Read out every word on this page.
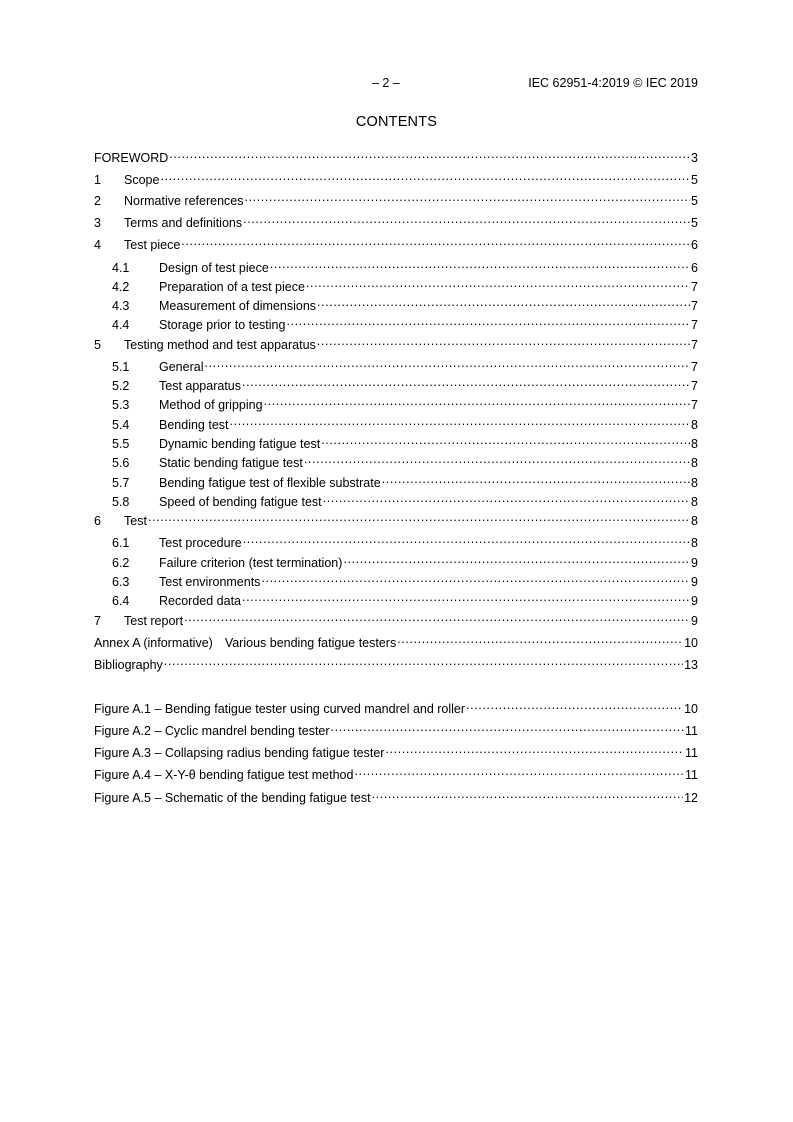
– 2 –	IEC 62951-4:2019 © IEC 2019
CONTENTS
FOREWORD .....	3
1	Scope .....	5
2	Normative references .....	5
3	Terms and definitions .....	5
4	Test piece .....	6
4.1	Design of test piece .....	6
4.2	Preparation of a test piece .....	7
4.3	Measurement of dimensions .....	7
4.4	Storage prior to testing .....	7
5	Testing method and test apparatus .....	7
5.1	General .....	7
5.2	Test apparatus .....	7
5.3	Method of gripping .....	7
5.4	Bending test .....	8
5.5	Dynamic bending fatigue test .....	8
5.6	Static bending fatigue test .....	8
5.7	Bending fatigue test of flexible substrate .....	8
5.8	Speed of bending fatigue test .....	8
6	Test .....	8
6.1	Test procedure .....	8
6.2	Failure criterion (test termination) .....	9
6.3	Test environments .....	9
6.4	Recorded data .....	9
7	Test report .....	9
Annex A (informative) Various bending fatigue testers .....	10
Bibliography .....	13
Figure A.1 – Bending fatigue tester using curved mandrel and roller .....	10
Figure A.2 – Cyclic mandrel bending tester .....	11
Figure A.3 – Collapsing radius bending fatigue tester .....	11
Figure A.4 – X-Y-θ bending fatigue test method .....	11
Figure A.5 – Schematic of the bending fatigue test .....	12
